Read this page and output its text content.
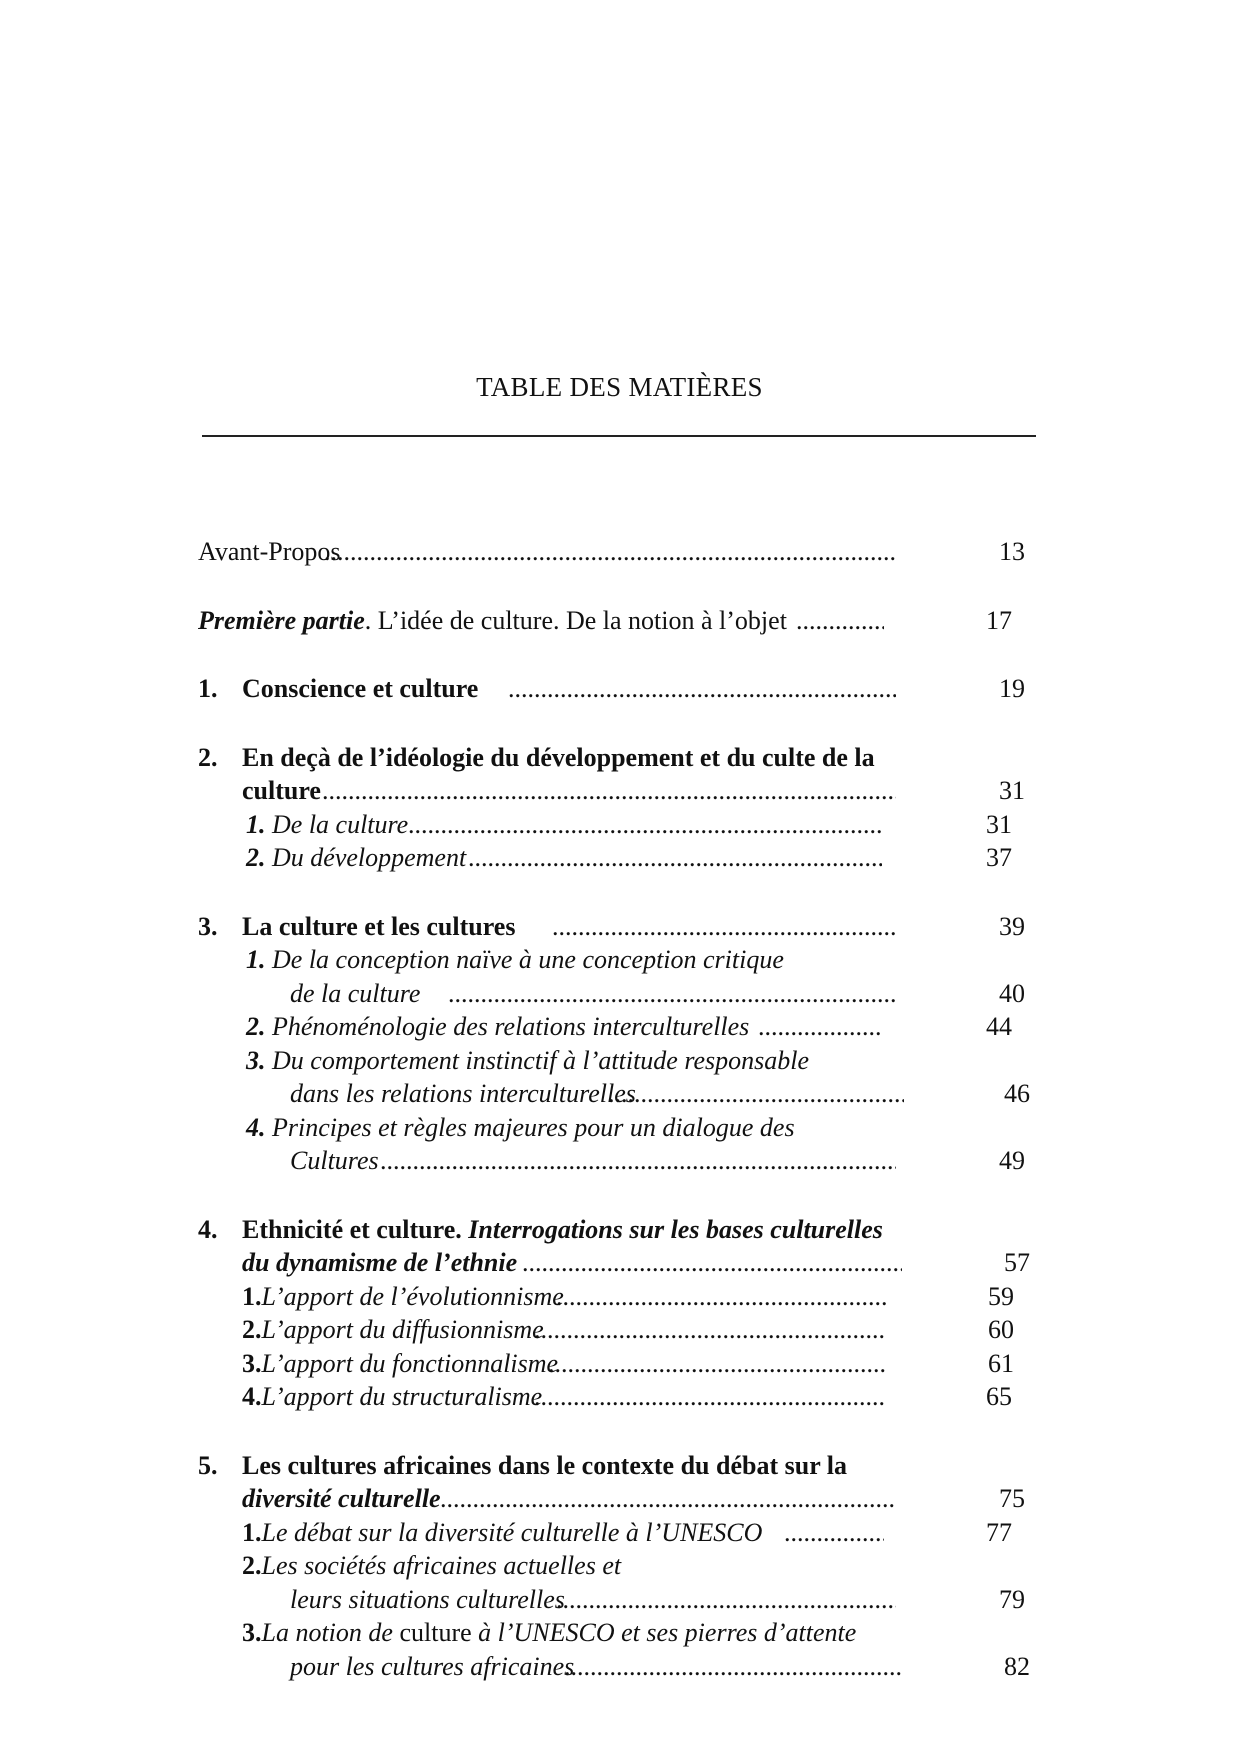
TABLE DES MATIÈRES
Avant-Propos .....	13
Première partie. L’idée de culture. De la notion à l’objet .....	17
1. Conscience et culture .....	19
2. En deçà de l’idéologie du développement et du culte de la
culture .....	31
1. De la culture .....	31
2. Du développement .....	37
3. La culture et les cultures .....	39
1. De la conception naïve à une conception critique
de la culture .....	40
2. Phénoménologie des relations interculturelles .....	44
3. Du comportement instinctif à l’attitude responsable
dans les relations interculturelles .....	46
4. Principes et règles majeures pour un dialogue des
Cultures .....	49
4. Ethnicité et culture. Interrogations sur les bases culturelles
du dynamisme de l’ethnie .....	57
1.L’apport de l’évolutionnisme .....	59
2.L’apport du diffusionnisme .....	60
3.L’apport du fonctionnalisme .....	61
4.L’apport du structuralisme .....	65
5. Les cultures africaines dans le contexte du débat sur la
diversité culturelle .....	75
1.Le débat sur la diversité culturelle à l’UNESCO .....	77
2.Les sociétés africaines actuelles et
leurs situations culturelles .....	79
3.La notion de culture à l’UNESCO et ses pierres d’attente
pour les cultures africaines .....	82
